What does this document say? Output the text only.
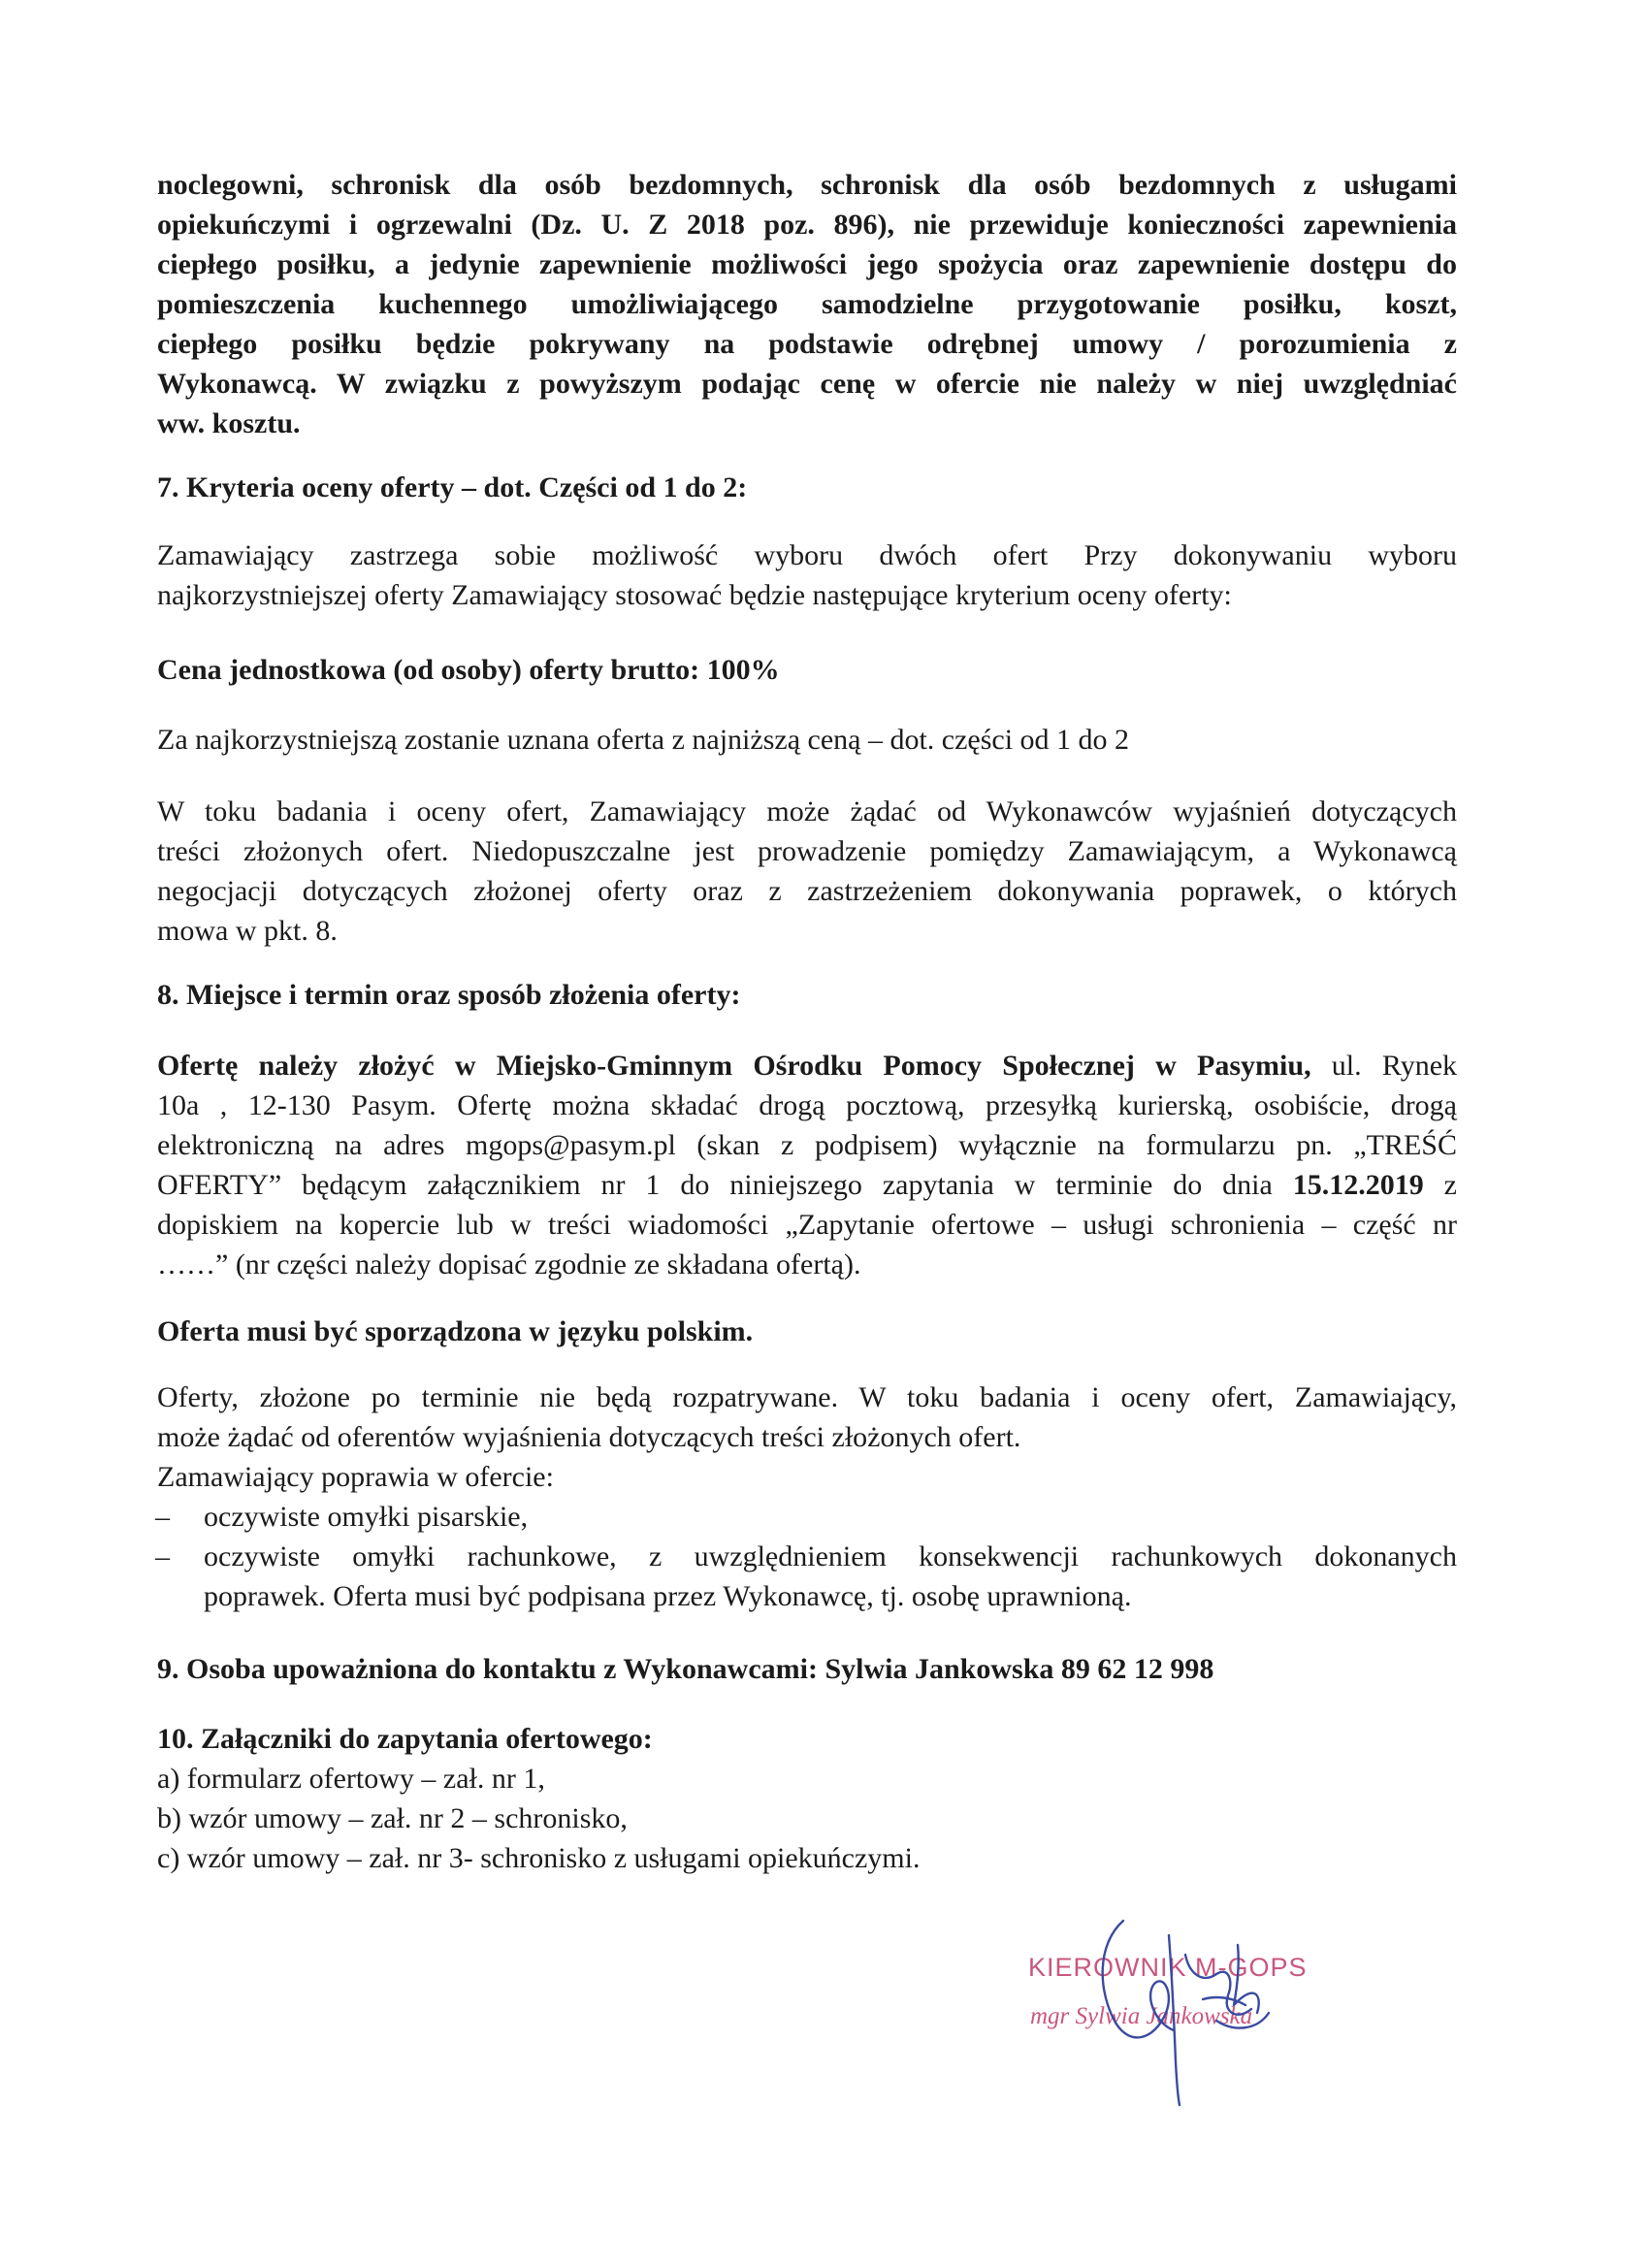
noclegowni, schronisk dla osób bezdomnych, schronisk dla osób bezdomnych z usługami
opiekuńczymi i ogrzewalni (Dz. U. Z 2018 poz. 896), nie przewiduje konieczności zapewnienia
ciepłego posiłku, a jedynie zapewnienie możliwości jego spożycia oraz zapewnienie dostępu do
pomieszczenia kuchennego umożliwiającego samodzielne przygotowanie posiłku, koszt,
ciepłego posiłku będzie pokrywany na podstawie odrębnej umowy / porozumienia z
Wykonawcą. W związku z powyższym podając cenę w ofercie nie należy w niej uwzględniać
ww. kosztu.
7. Kryteria oceny oferty – dot. Części od 1 do 2:
Zamawiający zastrzega sobie możliwość wyboru dwóch ofert Przy dokonywaniu wyboru
najkorzystniejszej oferty Zamawiający stosować będzie następujące kryterium oceny oferty:
Cena jednostkowa (od osoby) oferty brutto: 100%
Za najkorzystniejszą zostanie uznana oferta z najniższą ceną – dot. części od 1 do 2
W toku badania i oceny ofert, Zamawiający może żądać od Wykonawców wyjaśnień dotyczących
treści złożonych ofert. Niedopuszczalne jest prowadzenie pomiędzy Zamawiającym, a Wykonawcą
negocjacji dotyczących złożonej oferty oraz z zastrzeżeniem dokonywania poprawek, o których
mowa w pkt. 8.
8. Miejsce i termin oraz sposób złożenia oferty:
Ofertę należy złożyć w Miejsko-Gminnym Ośrodku Pomocy Społecznej w Pasymiu, ul. Rynek
10a , 12-130 Pasym. Ofertę można składać drogą pocztową, przesyłką kurierską, osobiście, drogą
elektroniczną na adres mgops@pasym.pl (skan z podpisem) wyłącznie na formularzu pn. „TREŚĆ
OFERTY” będącym załącznikiem nr 1 do niniejszego zapytania w terminie do dnia 15.12.2019 z
dopiskiem na kopercie lub w treści wiadomości „Zapytanie ofertowe – usługi schronienia – część nr
……” (nr części należy dopisać zgodnie ze składana ofertą).
Oferta musi być sporządzona w języku polskim.
Oferty, złożone po terminie nie będą rozpatrywane. W toku badania i oceny ofert, Zamawiający,
może żądać od oferentów wyjaśnienia dotyczących treści złożonych ofert.
Zamawiający poprawia w ofercie:
– oczywiste omyłki pisarskie,
– oczywiste omyłki rachunkowe, z uwzględnieniem konsekwencji rachunkowych dokonanych
poprawek. Oferta musi być podpisana przez Wykonawcę, tj. osobę uprawnioną.
9. Osoba upoważniona do kontaktu z Wykonawcami: Sylwia Jankowska 89 62 12 998
10. Załączniki do zapytania ofertowego:
a) formularz ofertowy – zał. nr 1,
b) wzór umowy – zał. nr 2 – schronisko,
c) wzór umowy – zał. nr 3- schronisko z usługami opiekuńczymi.
KIEROWNIK M-GOPS
mgr Sylwia Jankowska
